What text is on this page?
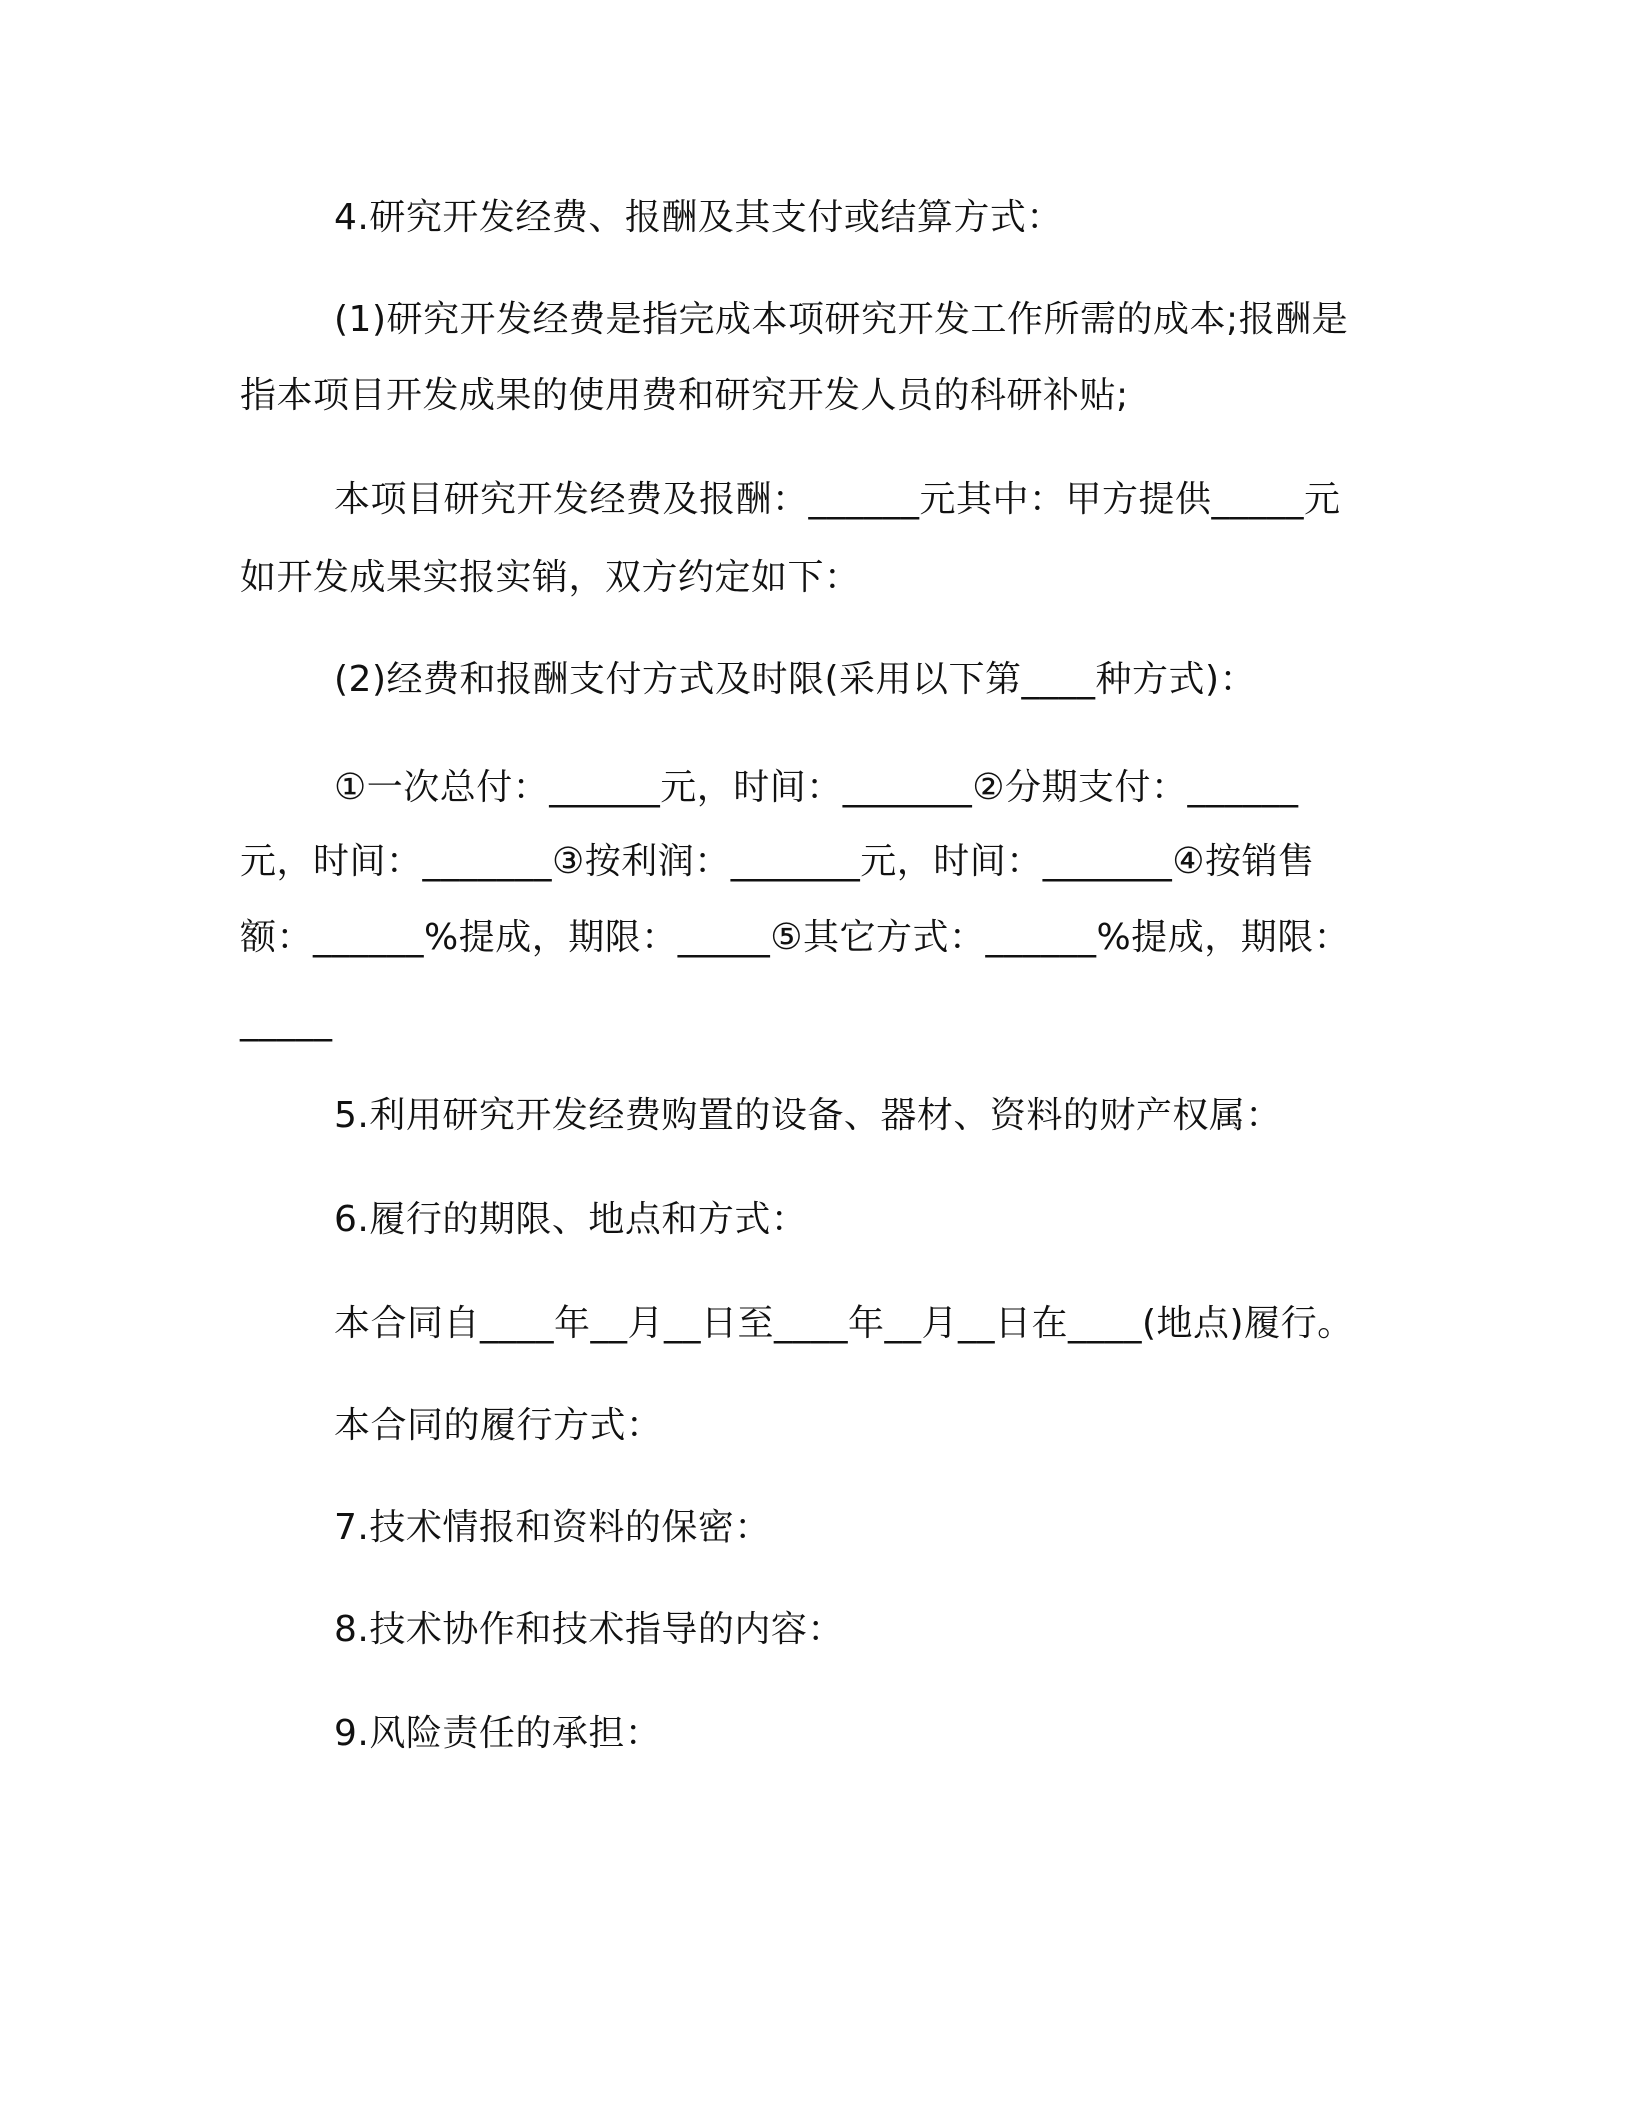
4.研究开发经费、报酬及其支付或结算方式：
(1)研究开发经费是指完成本项研究开发工作所需的成本;报酬是
指本项目开发成果的使用费和研究开发人员的科研补贴;
本项目研究开发经费及报酬：______元其中：甲方提供_____元
如开发成果实报实销，双方约定如下：
(2)经费和报酬支付方式及时限(采用以下第____种方式)：
①一次总付：______元，时间：_______②分期支付：______
元，时间：_______③按利润：_______元，时间：_______④按销售
额：______%提成，期限：_____⑤其它方式：______%提成，期限：
_____
5.利用研究开发经费购置的设备、器材、资料的财产权属：
6.履行的期限、地点和方式：
本合同自____年__月__日至____年__月__日在____(地点)履行。
本合同的履行方式：
7.技术情报和资料的保密：
8.技术协作和技术指导的内容：
9.风险责任的承担：
